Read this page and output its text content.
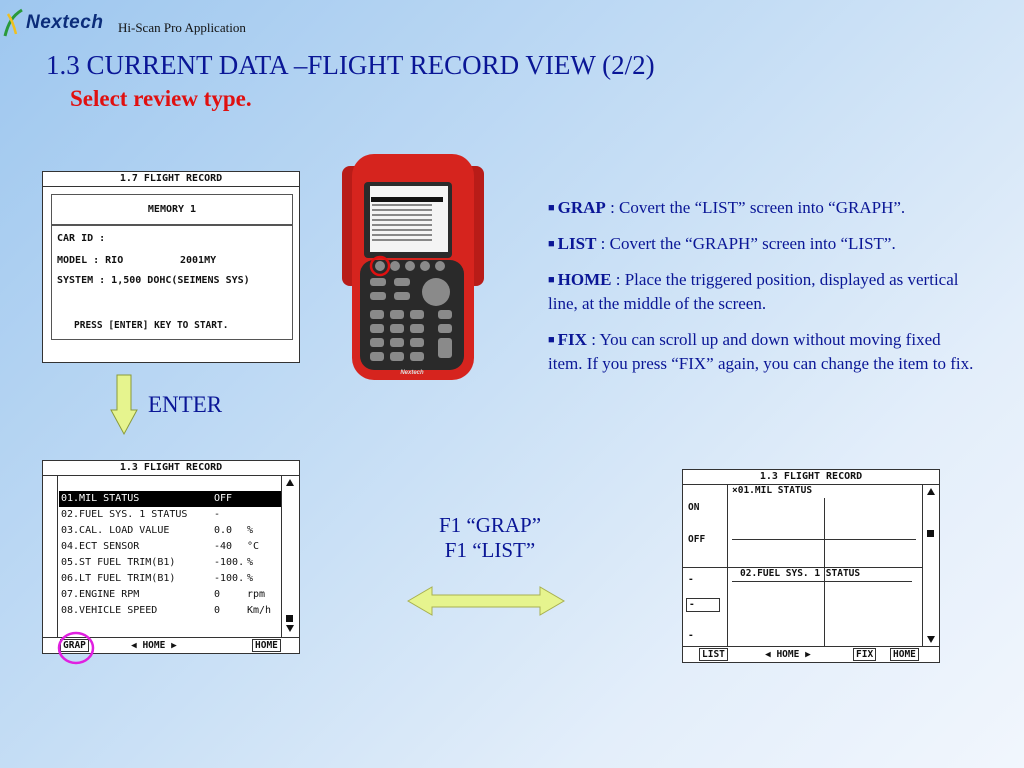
Nextech Hi-Scan Pro Application
1.3 CURRENT DATA –FLIGHT RECORD VIEW (2/2)
Select review type.
1.7 FLIGHT RECORD
MEMORY 1
CAR ID :
MODEL : RIO	2001MY
SYSTEM : 1,500 DOHC(SEIMENS SYS)
PRESS [ENTER] KEY TO START.
ENTER
Nextech

■ GRAP : Covert the “LIST” screen into “GRAPH”.

■ LIST : Covert the “GRAPH” screen into “LIST”.

■ HOME : Place the triggered position, displayed as vertical line, at the middle of the screen.

■ FIX : You can scroll up and down without moving fixed item. If you press “FIX” again, you can change the item to fix.

1.3 FLIGHT RECORD
01.MIL STATUS	OFF
02.FUEL SYS. 1 STATUS	-
03.CAL. LOAD VALUE	0.0 %
04.ECT SENSOR	-40 °C
05.ST FUEL TRIM(B1)	-100. %
06.LT FUEL TRIM(B1)	-100. %
07.ENGINE RPM	0	rpm
08.VEHICLE SPEED	0	Km/h
GRAP	◀ HOME ▶	HOME
F1 “GRAP”
F1 “LIST”
1.3 FLIGHT RECORD
ON
OFF
-
-
-
×01.MIL STATUS
02.FUEL SYS. 1 STATUS
LIST	◀ HOME ▶	FIX	HOME
